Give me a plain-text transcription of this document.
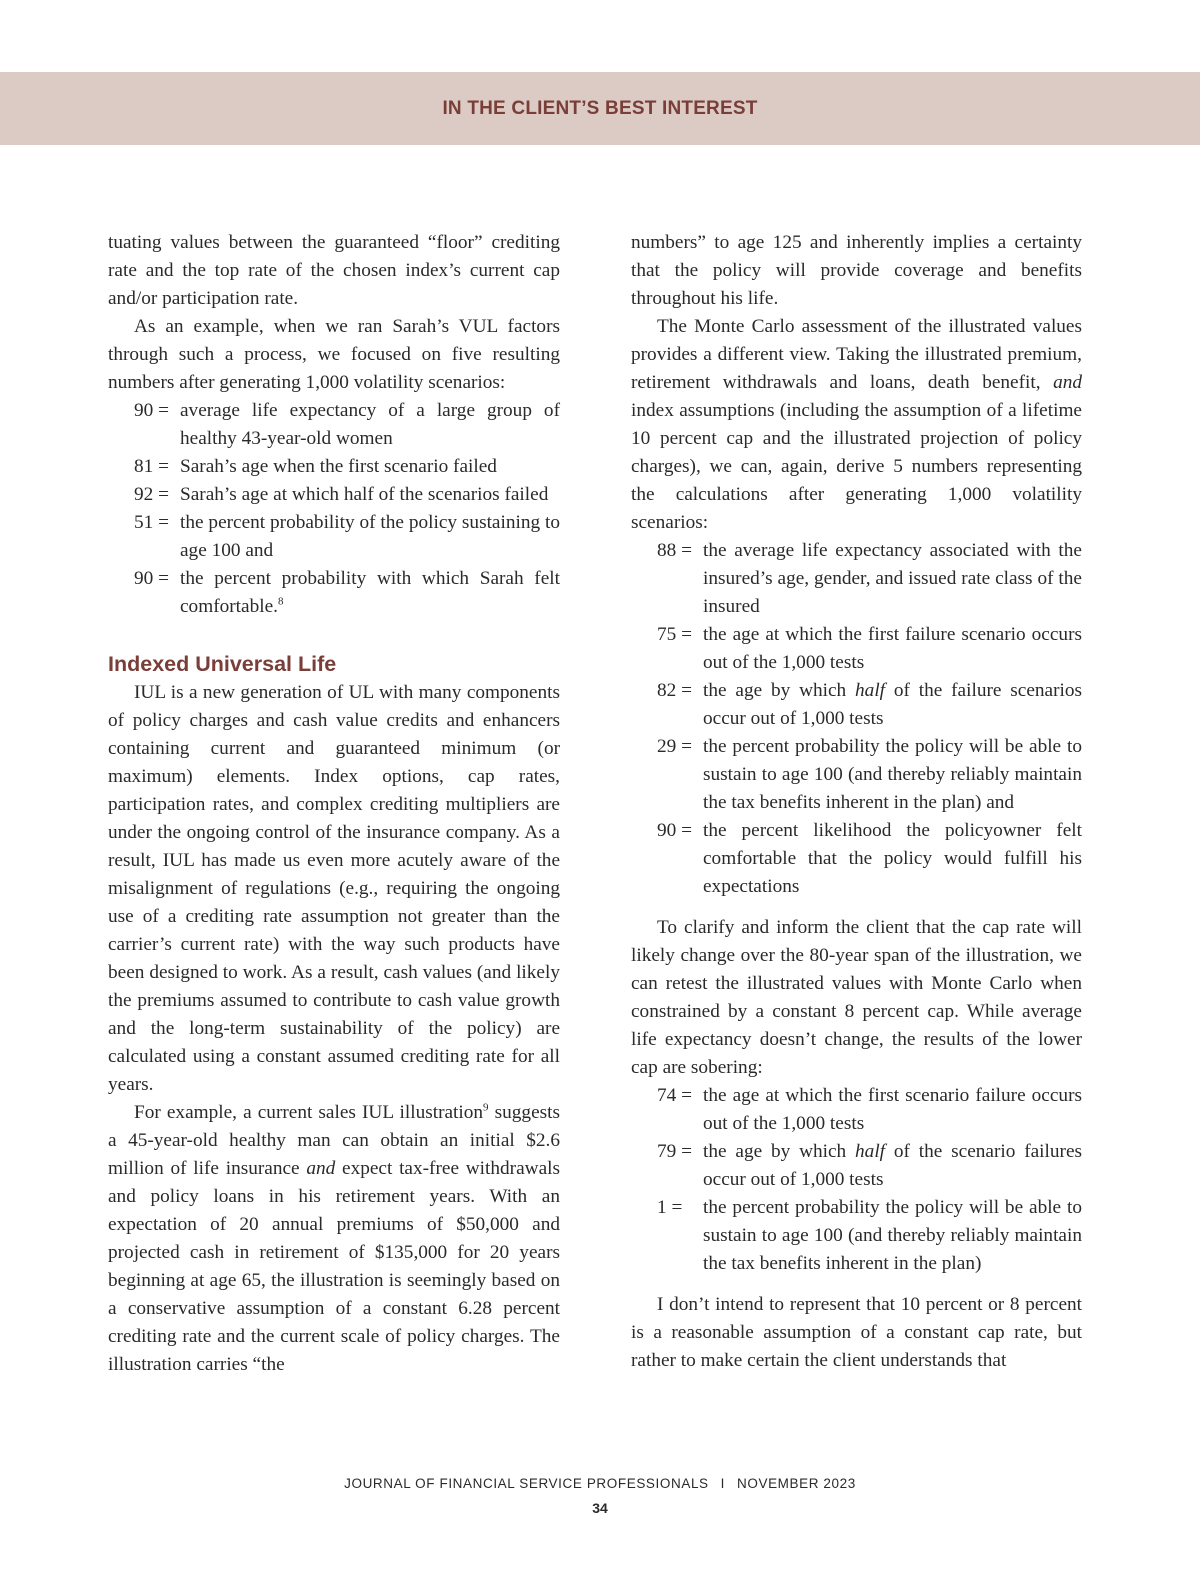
IN THE CLIENT’S BEST INTEREST

tuating values between the guaranteed “floor” crediting rate and the top rate of the chosen index’s current cap and/or participation rate.

As an example, when we ran Sarah’s VUL factors through such a process, we focused on five resulting numbers after generating 1,000 volatility scenarios:

90 = average life expectancy of a large group of healthy 43-year-old women
81 = Sarah’s age when the first scenario failed
92 = Sarah’s age at which half of the scenarios failed
51 = the percent probability of the policy sustaining to age 100 and
90 = the percent probability with which Sarah felt comfortable.$^8$
Indexed Universal Life

IUL is a new generation of UL with many components of policy charges and cash value credits and enhancers containing current and guaranteed minimum (or maximum) elements. Index options, cap rates, participation rates, and complex crediting multipliers are under the ongoing control of the insurance company. As a result, IUL has made us even more acutely aware of the misalignment of regulations (e.g., requiring the ongoing use of a crediting rate assumption not greater than the carrier’s current rate) with the way such products have been designed to work. As a result, cash values (and likely the premiums assumed to contribute to cash value growth and the long-term sustainability of the policy) are calculated using a constant assumed crediting rate for all years.

For example, a current sales IUL illustration$^9$ suggests a 45-year-old healthy man can obtain an initial $2.6 million of life insurance and expect tax-free withdrawals and policy loans in his retirement years. With an expectation of 20 annual premiums of $50,000 and projected cash in retirement of $135,000 for 20 years beginning at age 65, the illustration is seemingly based on a conservative assumption of a constant 6.28 percent crediting rate and the current scale of policy charges. The illustration carries “the

numbers” to age 125 and inherently implies a certainty that the policy will provide coverage and benefits throughout his life.

The Monte Carlo assessment of the illustrated values provides a different view. Taking the illustrated premium, retirement withdrawals and loans, death benefit, and index assumptions (including the assumption of a lifetime 10 percent cap and the illustrated projection of policy charges), we can, again, derive 5 numbers representing the calculations after generating 1,000 volatility scenarios:

88 = the average life expectancy associated with the insured’s age, gender, and issued rate class of the insured
75 = the age at which the first failure scenario occurs out of the 1,000 tests
82 = the age by which half of the failure scenarios occur out of 1,000 tests
29 = the percent probability the policy will be able to sustain to age 100 (and thereby reliably maintain the tax benefits inherent in the plan) and
90 = the percent likelihood the policyowner felt comfortable that the policy would fulfill his expectations

To clarify and inform the client that the cap rate will likely change over the 80-year span of the illustration, we can retest the illustrated values with Monte Carlo when constrained by a constant 8 percent cap. While average life expectancy doesn’t change, the results of the lower cap are sobering:

74 = the age at which the first scenario failure occurs out of the 1,000 tests
79 = the age by which half of the scenario failures occur out of 1,000 tests
1 = the percent probability the policy will be able to sustain to age 100 (and thereby reliably maintain the tax benefits inherent in the plan)

I don’t intend to represent that 10 percent or 8 percent is a reasonable assumption of a constant cap rate, but rather to make certain the client understands that

JOURNAL OF FINANCIAL SERVICE PROFESSIONALS I NOVEMBER 2023
34
